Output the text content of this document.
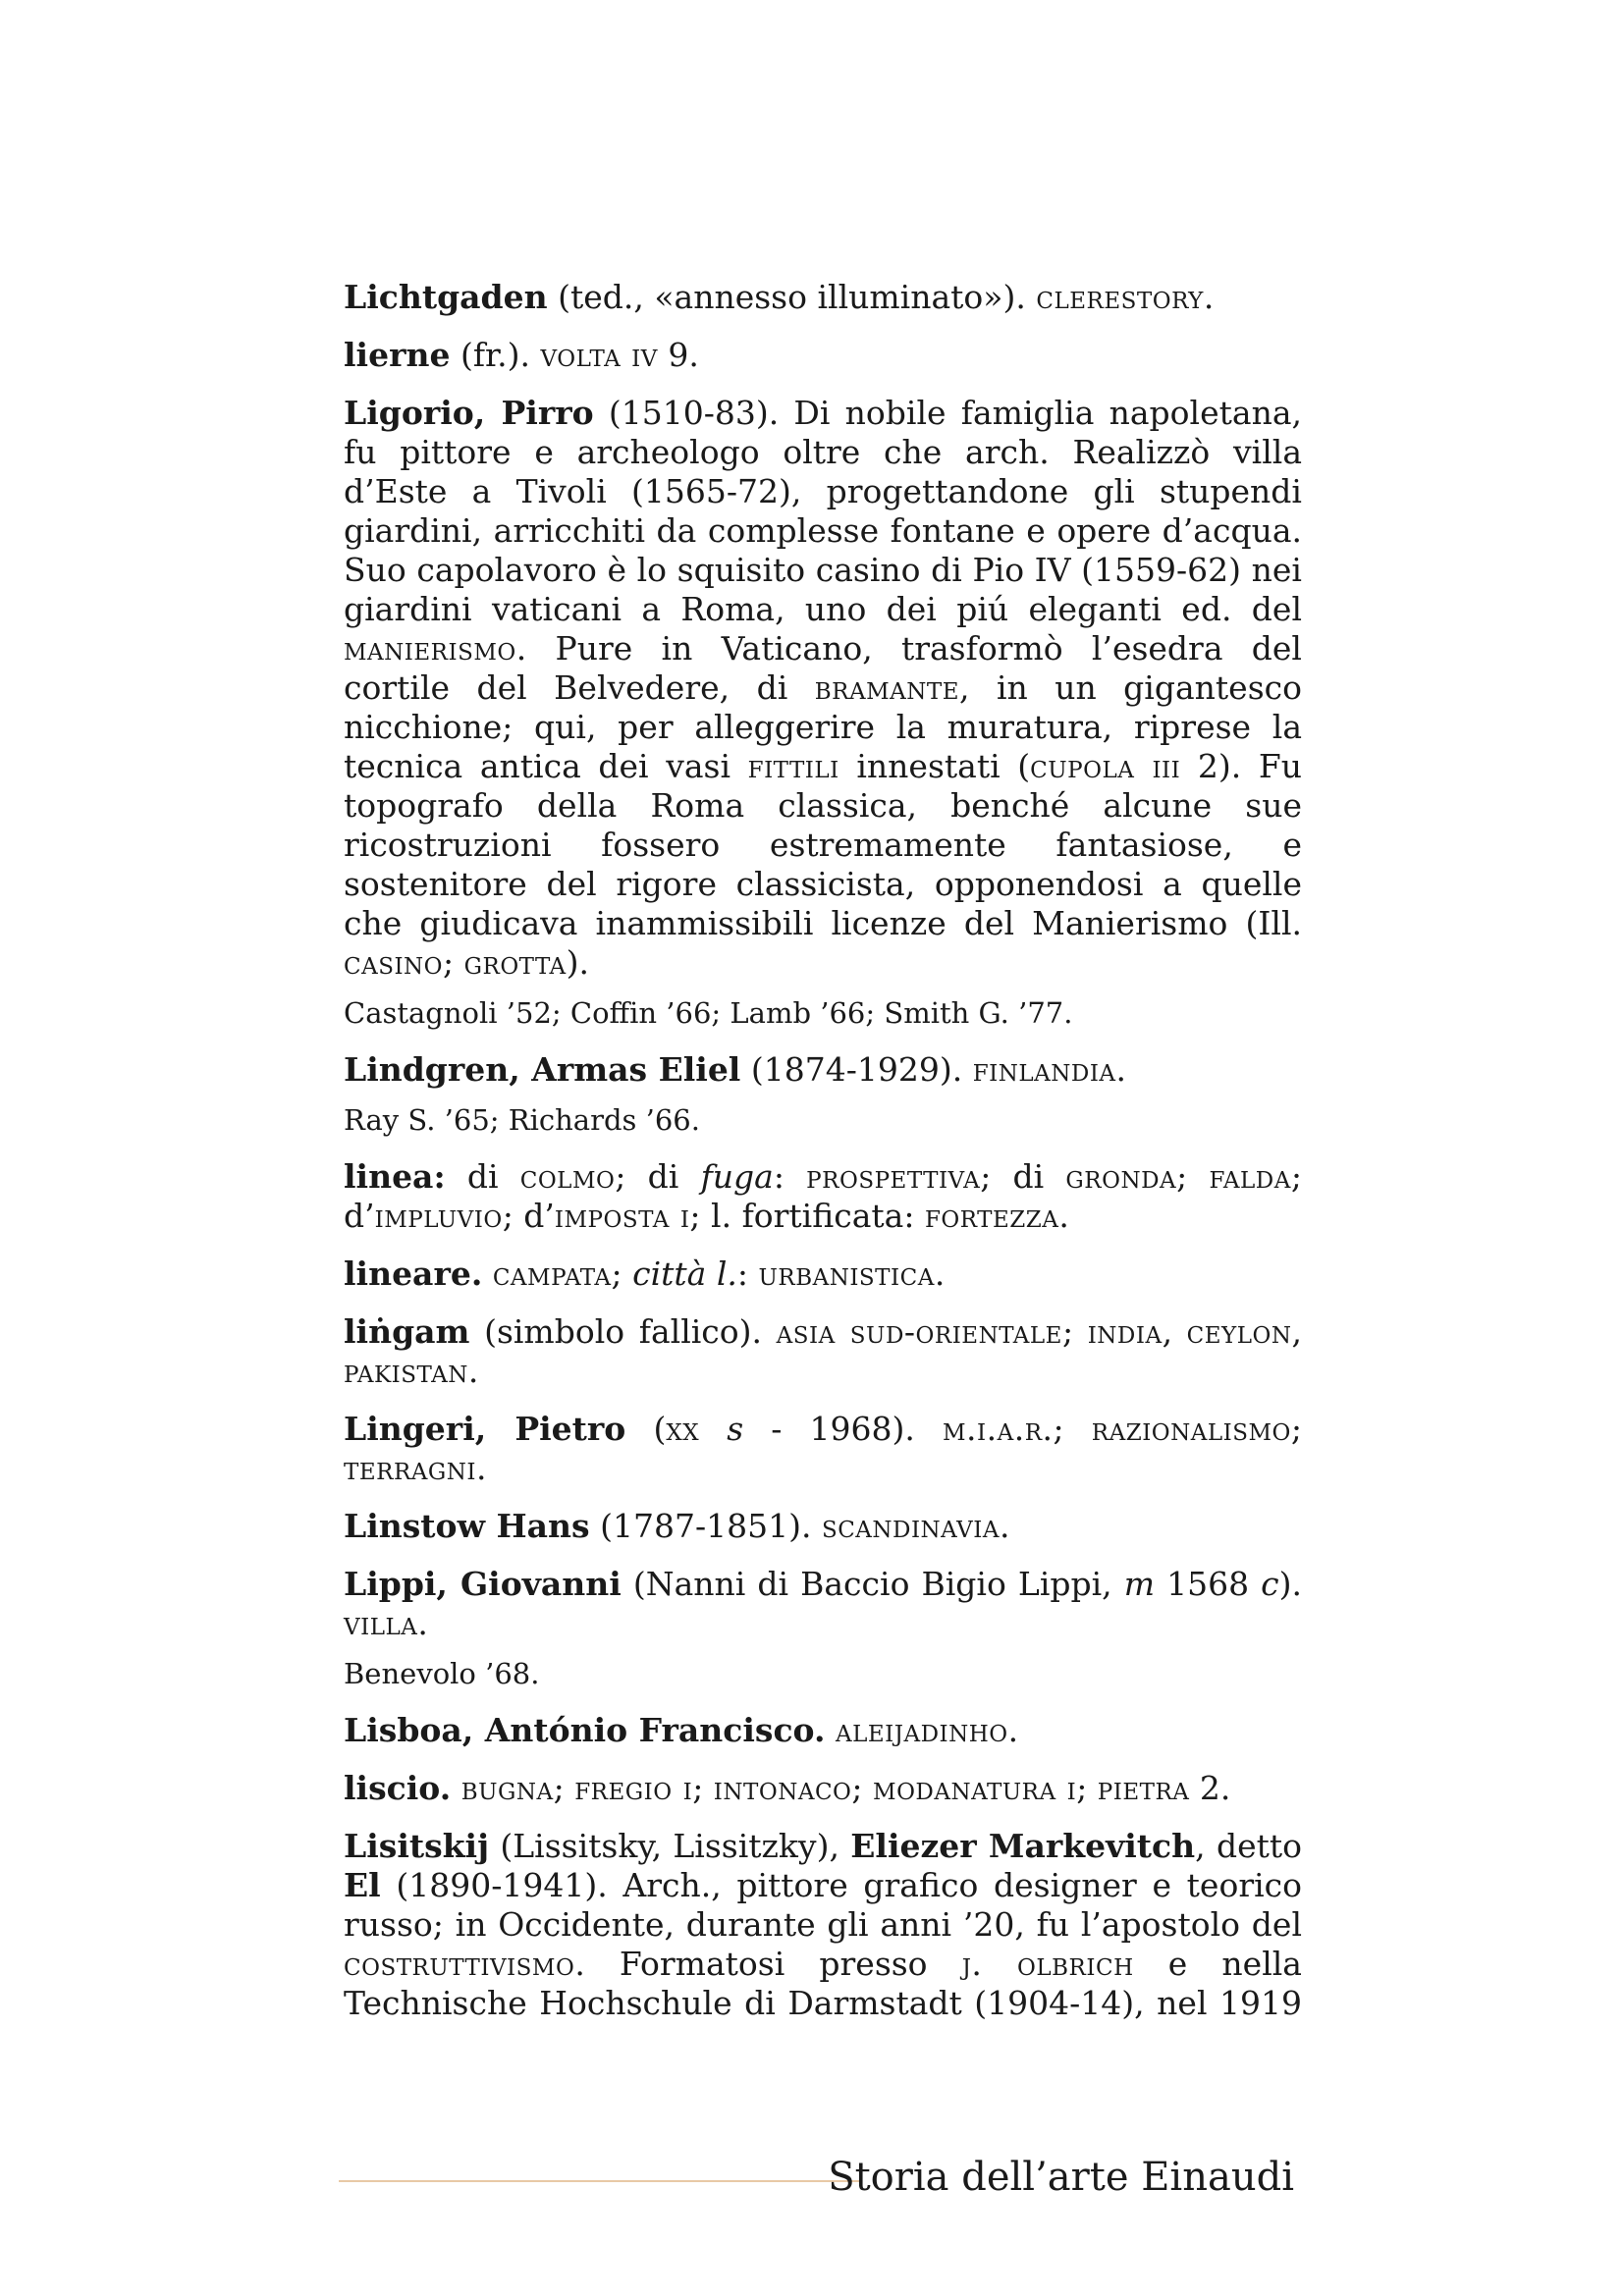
Lichtgaden (ted., «annesso illuminato»). clerestory.
lierne (fr.). volta iv 9.
Ligorio, Pirro (1510-83). Di nobile famiglia napoletana, fu pittore e archeologo oltre che arch. Realizzò villa d’Este a Tivoli (1565-72), progettandone gli stupendi giardini, arricchiti da complesse fontane e opere d’acqua. Suo capolavoro è lo squisito casino di Pio IV (1559-62) nei giardini vaticani a Roma, uno dei piú eleganti ed. del manierismo. Pure in Vaticano, trasformò l’esedra del cortile del Belvedere, di bramante, in un gigantesco nicchione; qui, per alleggerire la muratura, riprese la tecnica antica dei vasi fittili innestati (cupola iii 2). Fu topografo della Roma classica, benché alcune sue ricostruzioni fossero estremamente fantasiose, e sostenitore del rigore classicista, opponendosi a quelle che giudicava inammissibili licenze del Manierismo (Ill. casino; grotta).
Castagnoli ’52; Coffin ’66; Lamb ’66; Smith G. ’77.
Lindgren, Armas Eliel (1874-1929). finlandia.
Ray S. ’65; Richards ’66.
linea: di colmo; di fuga: prospettiva; di gronda; falda; d’impluvio; d’imposta i; l. fortificata: fortezza.
lineare. campata; città l.: urbanistica.
liṅgam (simbolo fallico). asia sud-orientale; india, ceylon, pakistan.
Lingeri, Pietro (xx s - 1968). m.i.a.r.; razionalismo; terragni.
Linstow Hans (1787-1851). scandinavia.
Lippi, Giovanni (Nanni di Baccio Bigio Lippi, m 1568 c). villa.
Benevolo ’68.
Lisboa, António Francisco. aleijadinho.
liscio. bugna; fregio i; intonaco; modanatura i; pietra 2.
Lisitskij (Lissitsky, Lissitzky), Eliezer Markevitch, detto El (1890-1941). Arch., pittore grafico designer e teorico russo; in Occidente, durante gli anni ’20, fu l’apostolo del costruttivismo. Formatosi presso j. olbrich e nella Technische Hochschule di Darmstadt (1904-14), nel 1919
Storia dell’arte Einaudi
